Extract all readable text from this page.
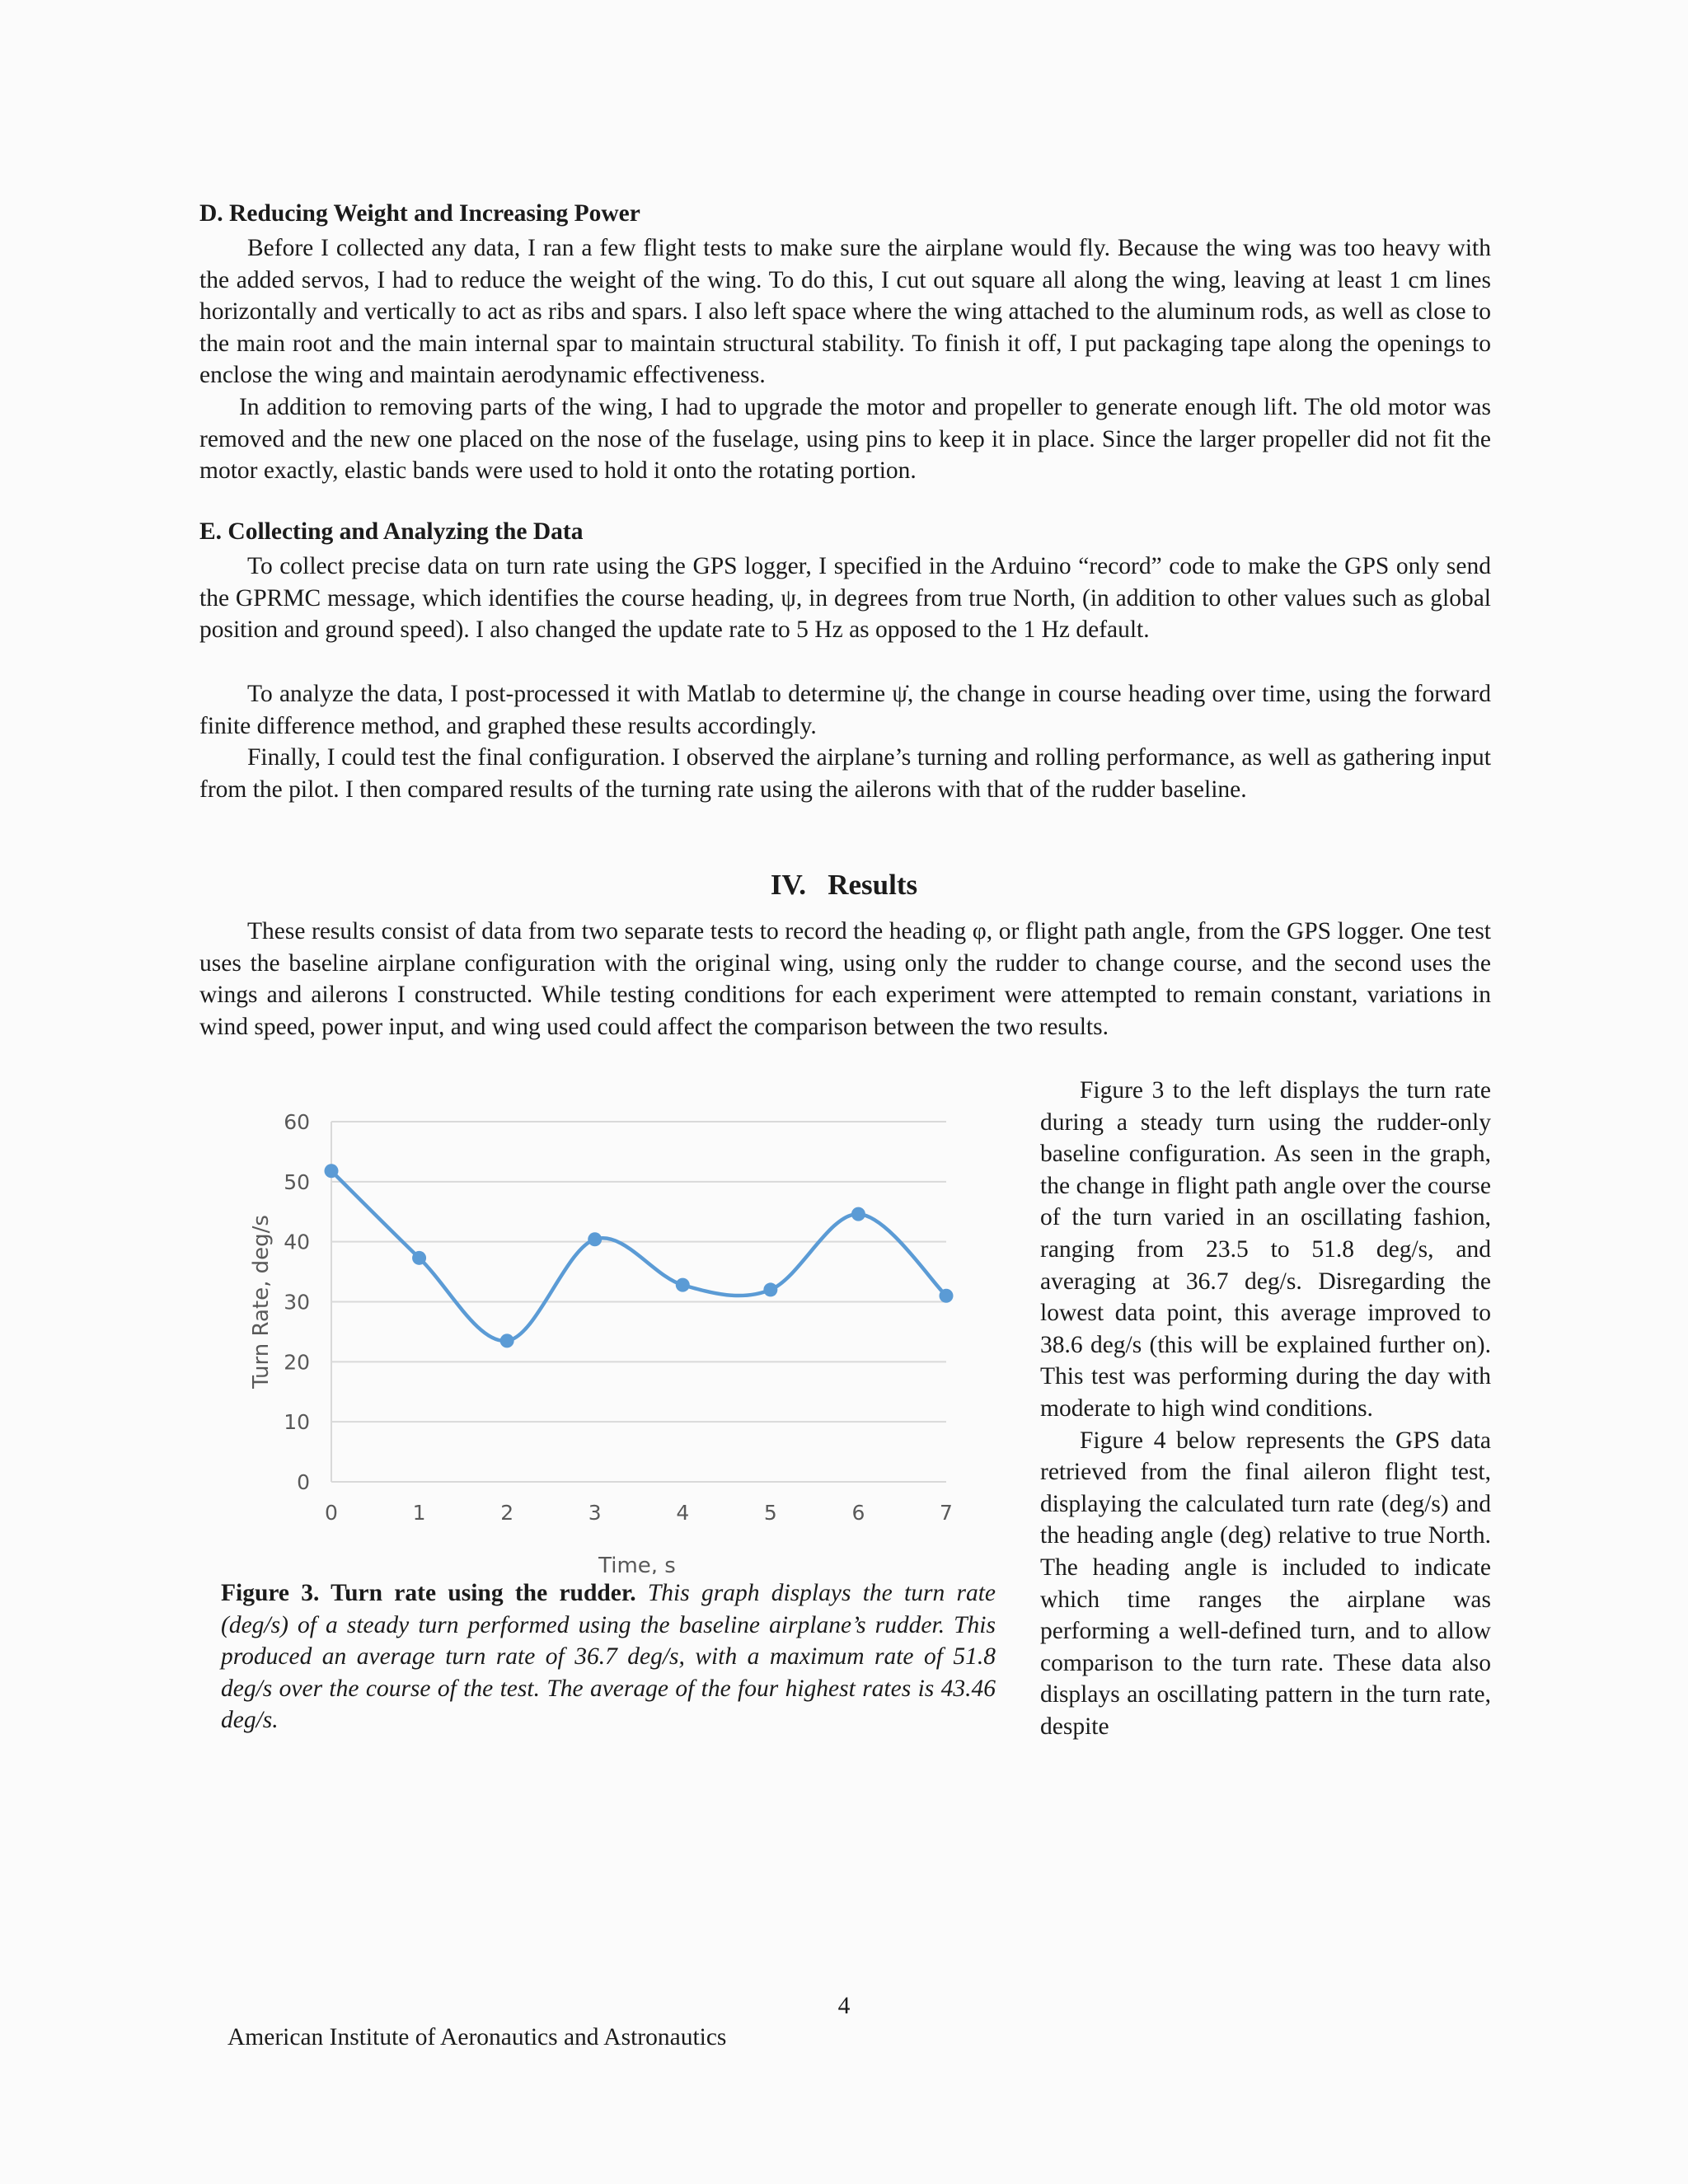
D. Reducing Weight and Increasing Power

Before I collected any data, I ran a few flight tests to make sure the airplane would fly. Because the wing was too heavy with the added servos, I had to reduce the weight of the wing. To do this, I cut out square all along the wing, leaving at least 1 cm lines horizontally and vertically to act as ribs and spars. I also left space where the wing attached to the aluminum rods, as well as close to the main root and the main internal spar to maintain structural stability. To finish it off, I put packaging tape along the openings to enclose the wing and maintain aerodynamic effectiveness.

In addition to removing parts of the wing, I had to upgrade the motor and propeller to generate enough lift. The old motor was removed and the new one placed on the nose of the fuselage, using pins to keep it in place. Since the larger propeller did not fit the motor exactly, elastic bands were used to hold it onto the rotating portion.

E. Collecting and Analyzing the Data

To collect precise data on turn rate using the GPS logger, I specified in the Arduino “record” code to make the GPS only send the GPRMC message, which identifies the course heading, ψ, in degrees from true North, (in addition to other values such as global position and ground speed). I also changed the update rate to 5 Hz as opposed to the 1 Hz default.

To analyze the data, I post-processed it with Matlab to determine ψ̇, the change in course heading over time, using the forward finite difference method, and graphed these results accordingly.

Finally, I could test the final configuration. I observed the airplane’s turning and rolling performance, as well as gathering input from the pilot. I then compared results of the turning rate using the ailerons with that of the rudder baseline.

IV.   Results

These results consist of data from two separate tests to record the heading φ, or flight path angle, from the GPS logger. One test uses the baseline airplane configuration with the original wing, using only the rudder to change course, and the second uses the wings and ailerons I constructed. While testing conditions for each experiment were attempted to remain constant, variations in wind speed, power input, and wing used could affect the comparison between the two results.

0
10
20
30
40
50
60
0	1	2	3	4	5	6	7
Time, s
Turn Rate, deg/s

Figure 3. Turn rate using the rudder. This graph displays the turn rate (deg/s) of a steady turn performed using the baseline airplane’s rudder. This produced an average turn rate of 36.7 deg/s, with a maximum rate of 51.8 deg/s over the course of the test. The average of the four highest rates is 43.46 deg/s.

Figure 3 to the left displays the turn rate during a steady turn using the rudder-only baseline configuration. As seen in the graph, the change in flight path angle over the course of the turn varied in an oscillating fashion, ranging from 23.5 to 51.8 deg/s, and averaging at 36.7 deg/s. Disregarding the lowest data point, this average improved to 38.6 deg/s (this will be explained further on). This test was performing during the day with moderate to high wind conditions.

Figure 4 below represents the GPS data retrieved from the final aileron flight test, displaying the calculated turn rate (deg/s) and the heading angle (deg) relative to true North. The heading angle is included to indicate which time ranges the airplane was performing a well-defined turn, and to allow comparison to the turn rate. These data also displays an oscillating pattern in the turn rate, despite

4

American Institute of Aeronautics and Astronautics
